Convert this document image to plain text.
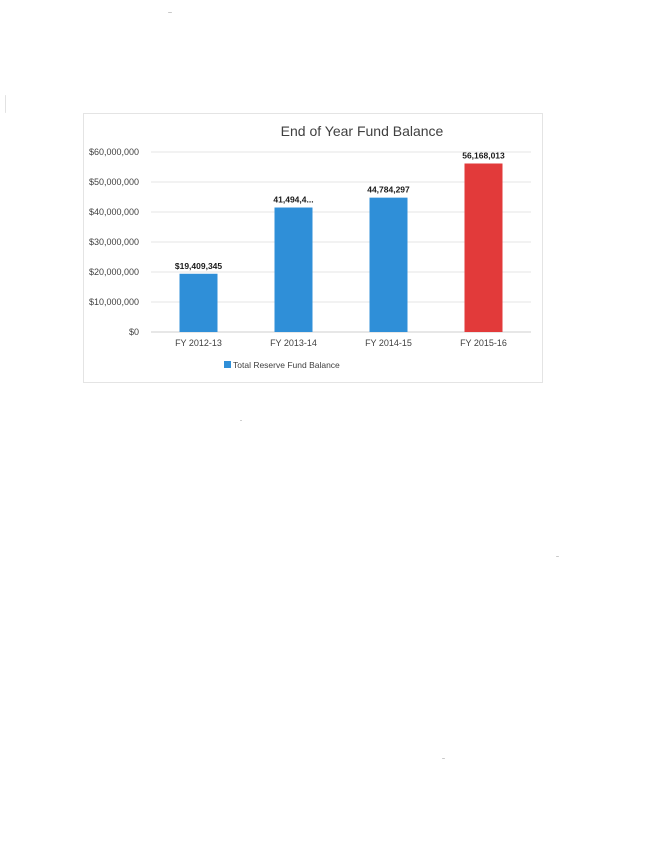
End of Year Fund Balance
$0
$10,000,000
$20,000,000
$30,000,000
$40,000,000
$50,000,000
$60,000,000
$19,409,345
41,494,4...
44,784,297
56,168,013
FY 2012-13	FY 2013-14	FY 2014-15	FY 2015-16
Total Reserve Fund Balance
